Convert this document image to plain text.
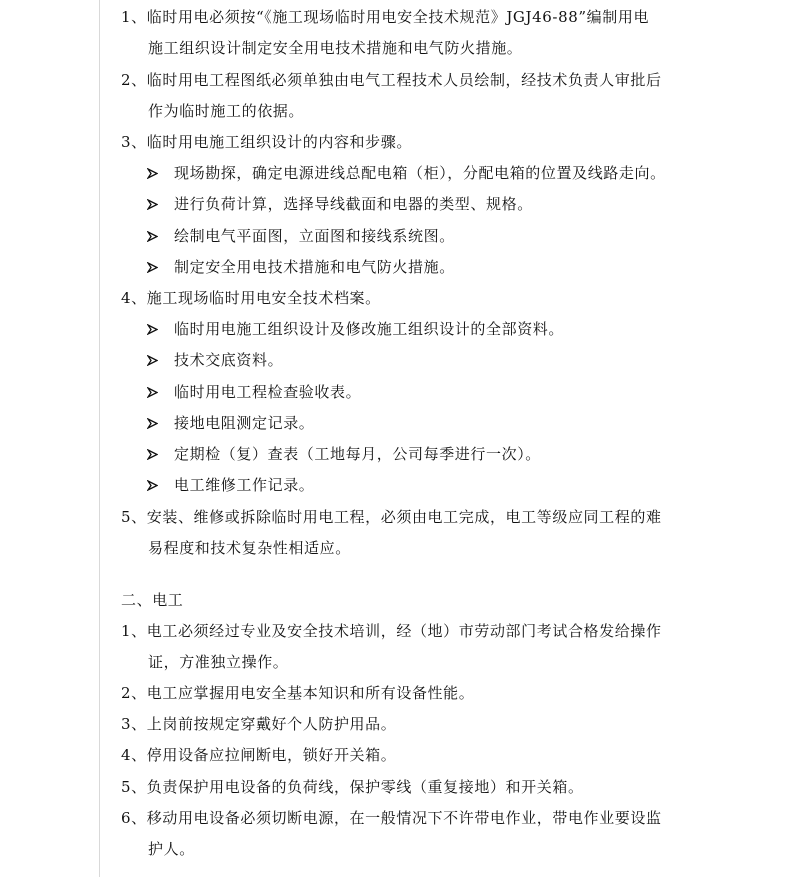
1、临时用电必须按“《施工现场临时用电安全技术规范》JGJ46-88”编制用电
施工组织设计制定安全用电技术措施和电气防火措施。
2、临时用电工程图纸必须单独由电气工程技术人员绘制，经技术负责人审批后
作为临时施工的依据。
3、临时用电施工组织设计的内容和步骤。
现场勘探，确定电源进线总配电箱（柜），分配电箱的位置及线路走向。
进行负荷计算，选择导线截面和电器的类型、规格。
绘制电气平面图，立面图和接线系统图。
制定安全用电技术措施和电气防火措施。
4、施工现场临时用电安全技术档案。
临时用电施工组织设计及修改施工组织设计的全部资料。
技术交底资料。
临时用电工程检查验收表。
接地电阻测定记录。
定期检（复）查表（工地每月，公司每季进行一次）。
电工维修工作记录。
5、安装、维修或拆除临时用电工程，必须由电工完成，电工等级应同工程的难
易程度和技术复杂性相适应。
二、电工
1、电工必须经过专业及安全技术培训，经（地）市劳动部门考试合格发给操作
证，方准独立操作。
2、电工应掌握用电安全基本知识和所有设备性能。
3、上岗前按规定穿戴好个人防护用品。
4、停用设备应拉闸断电，锁好开关箱。
5、负责保护用电设备的负荷线，保护零线（重复接地）和开关箱。
6、移动用电设备必须切断电源，在一般情况下不许带电作业，带电作业要设监
护人。
